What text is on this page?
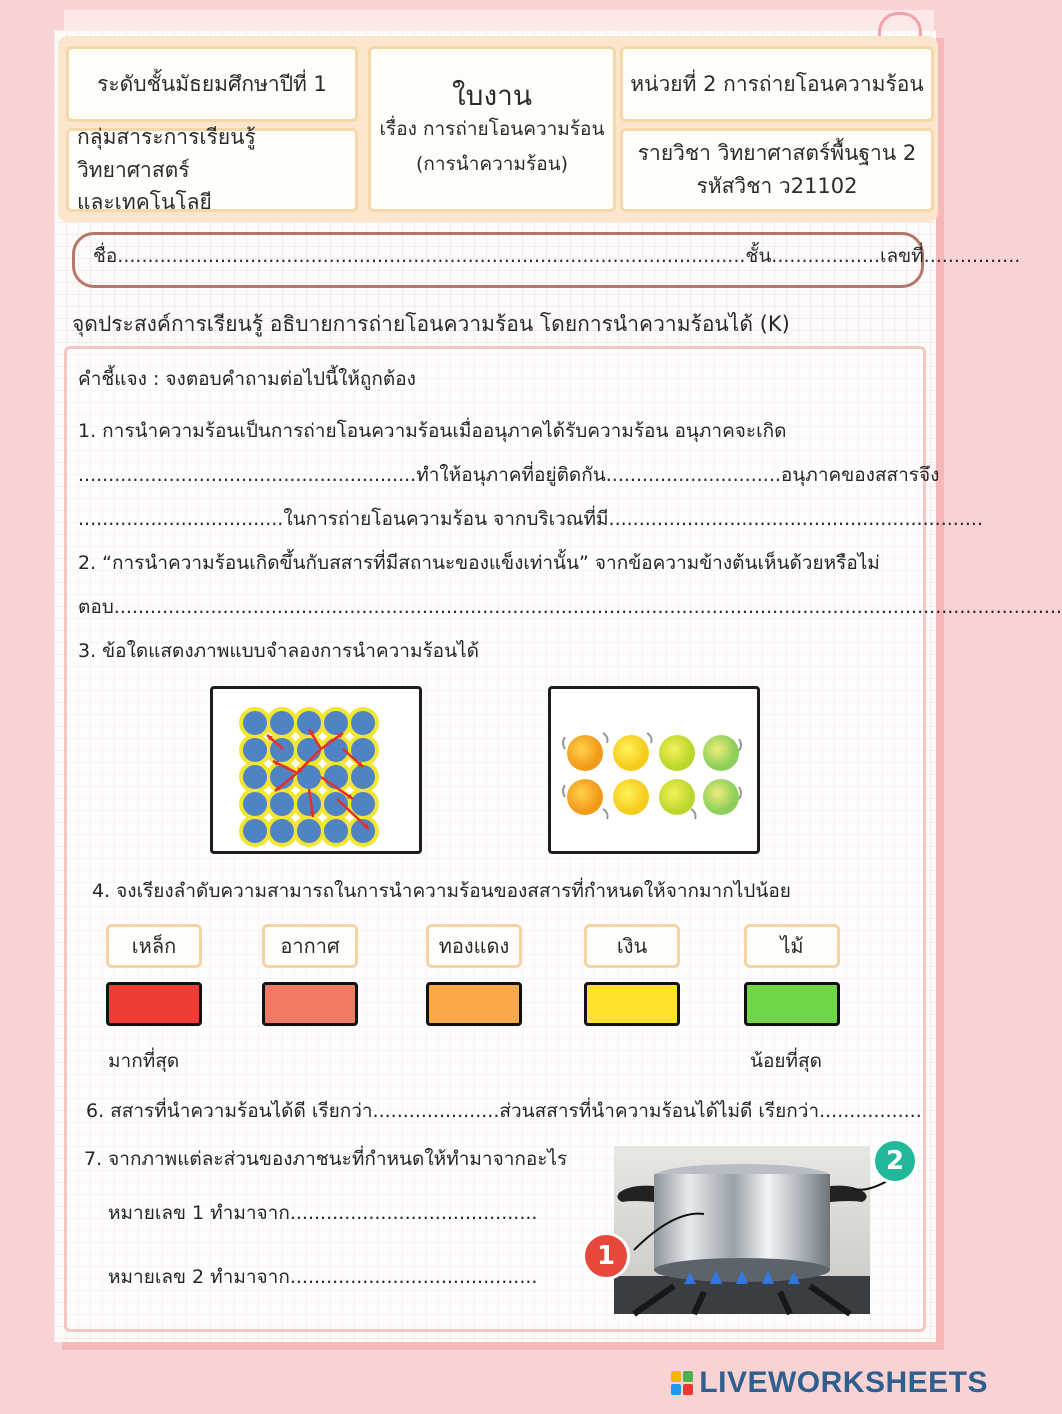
ระดับชั้นมัธยมศึกษาปีที่ 1
กลุ่มสาระการเรียนรู้วิทยาศาสตร์
และเทคโนโลยี
ใบงาน
เรื่อง การถ่ายโอนความร้อน
(การนำความร้อน)
หน่วยที่ 2 การถ่ายโอนความร้อน
รายวิชา วิทยาศาสตร์พื้นฐาน 2
รหัสวิชา ว21102
ชื่อ........................................................................................................ชั้น..................เลขที่................
จุดประสงค์การเรียนรู้ อธิบายการถ่ายโอนความร้อน โดยการนำความร้อนได้ (K)
คำชี้แจง : จงตอบคำถามต่อไปนี้ให้ถูกต้อง
1. การนำความร้อนเป็นการถ่ายโอนความร้อนเมื่ออนุภาคได้รับความร้อน อนุภาคจะเกิด
........................................................ทำให้อนุภาคที่อยู่ติดกัน.............................อนุภาคของสสารจึง
..................................ในการถ่ายโอนความร้อน จากบริเวณที่มี..............................................................
2. “การนำความร้อนเกิดขึ้นกับสสารที่มีสถานะของแข็งเท่านั้น” จากข้อความข้างต้นเห็นด้วยหรือไม่
ตอบ.............................................................................................................................................................
3. ข้อใดแสดงภาพแบบจำลองการนำความร้อนได้
4. จงเรียงลำดับความสามารถในการนำความร้อนของสสารที่กำหนดให้จากมากไปน้อย
เหล็ก	อากาศ	ทองแดง	เงิน	ไม้
มากที่สุด	น้อยที่สุด
6. สสารที่นำความร้อนได้ดี เรียกว่า.....................ส่วนสสารที่นำความร้อนได้ไม่ดี เรียกว่า.................
7. จากภาพแต่ละส่วนของภาชนะที่กำหนดให้ทำมาจากอะไร
หมายเลข 1 ทำมาจาก.........................................
หมายเลข 2 ทำมาจาก.........................................
1
2
LIVEWORKSHEETS
